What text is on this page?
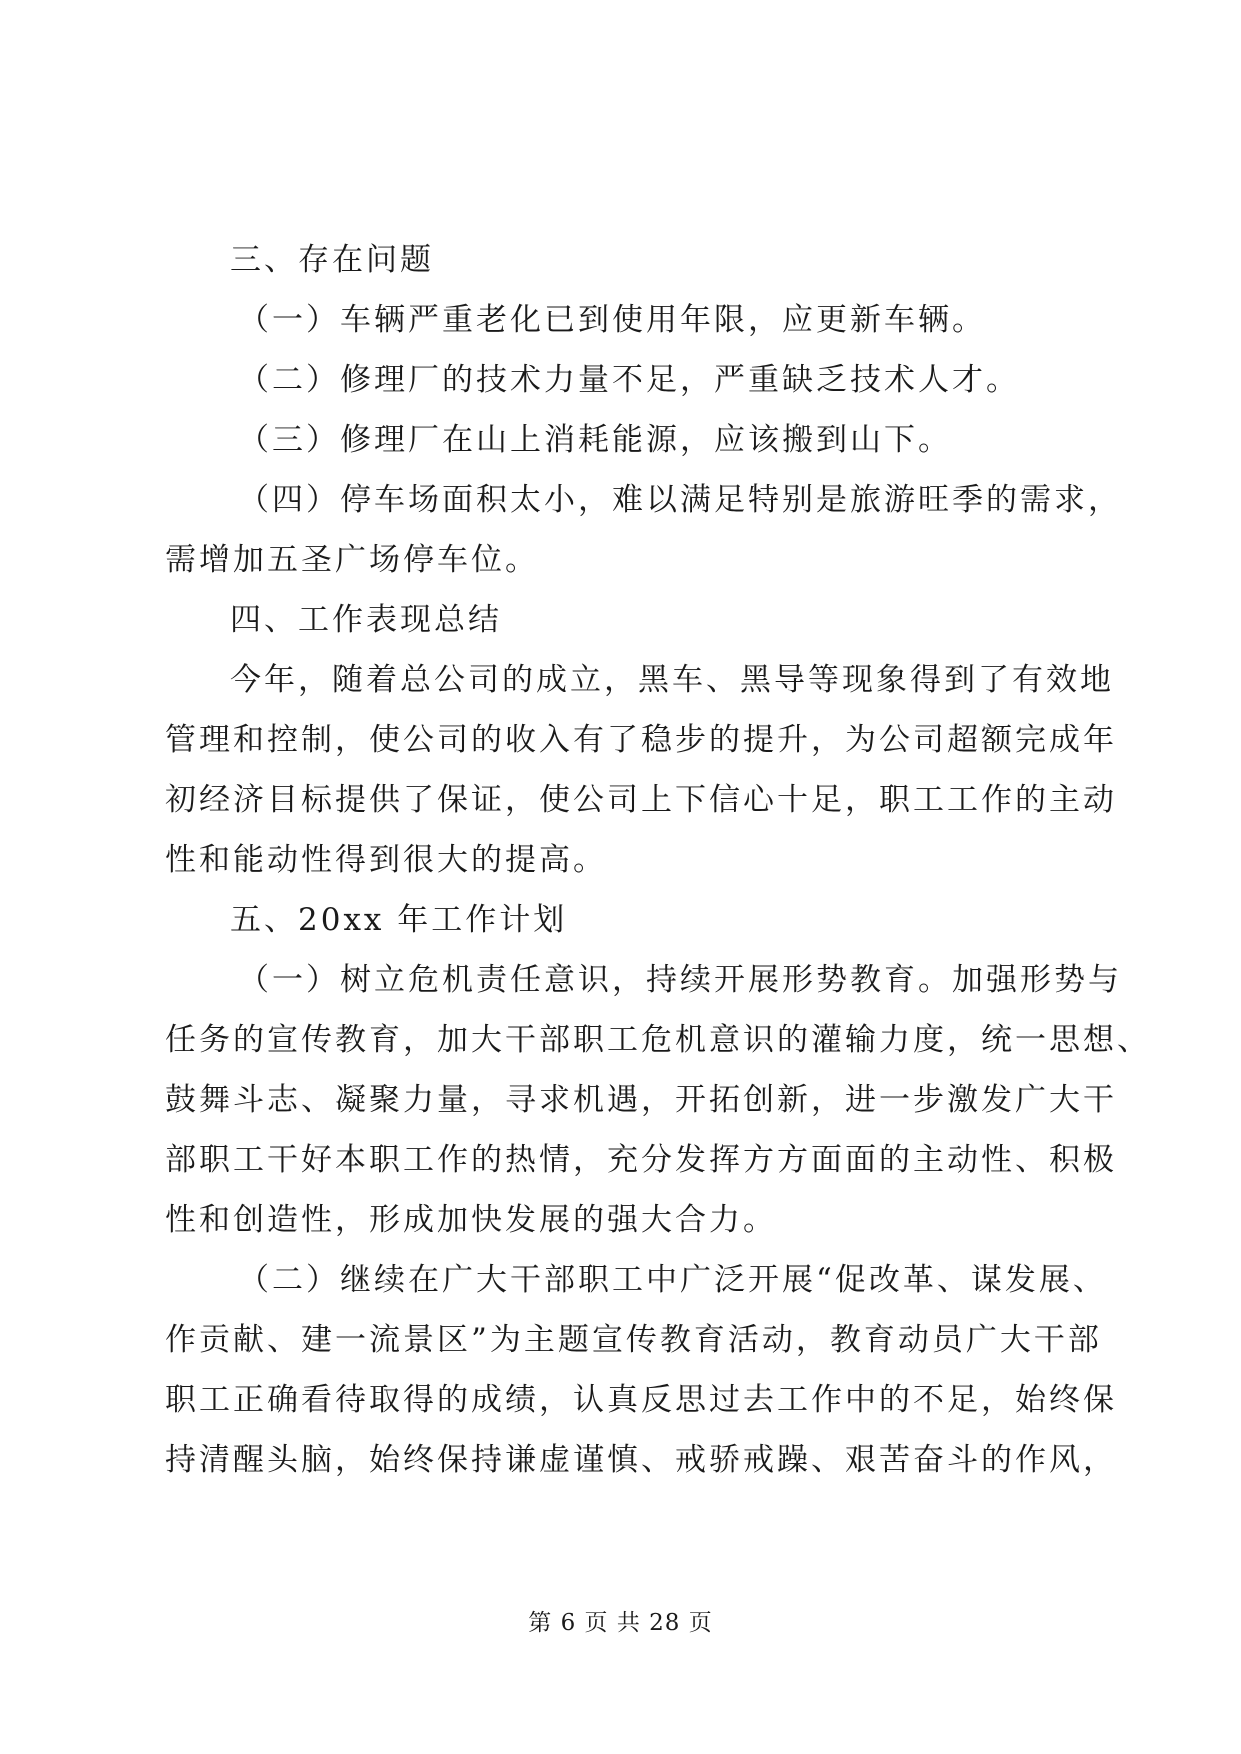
三、存在问题
（一）车辆严重老化已到使用年限，应更新车辆。
（二）修理厂的技术力量不足，严重缺乏技术人才。
（三）修理厂在山上消耗能源，应该搬到山下。
（四）停车场面积太小，难以满足特别是旅游旺季的需求，
需增加五圣广场停车位。
四、工作表现总结
今年，随着总公司的成立，黑车、黑导等现象得到了有效地
管理和控制，使公司的收入有了稳步的提升，为公司超额完成年
初经济目标提供了保证，使公司上下信心十足，职工工作的主动
性和能动性得到很大的提高。
五、20xx 年工作计划
（一）树立危机责任意识，持续开展形势教育。加强形势与
任务的宣传教育，加大干部职工危机意识的灌输力度，统一思想、
鼓舞斗志、凝聚力量，寻求机遇，开拓创新，进一步激发广大干
部职工干好本职工作的热情，充分发挥方方面面的主动性、积极
性和创造性，形成加快发展的强大合力。
（二）继续在广大干部职工中广泛开展“促改革、谋发展、
作贡献、建一流景区”为主题宣传教育活动，教育动员广大干部
职工正确看待取得的成绩，认真反思过去工作中的不足，始终保
持清醒头脑，始终保持谦虚谨慎、戒骄戒躁、艰苦奋斗的作风，
第 6 页 共 28 页
